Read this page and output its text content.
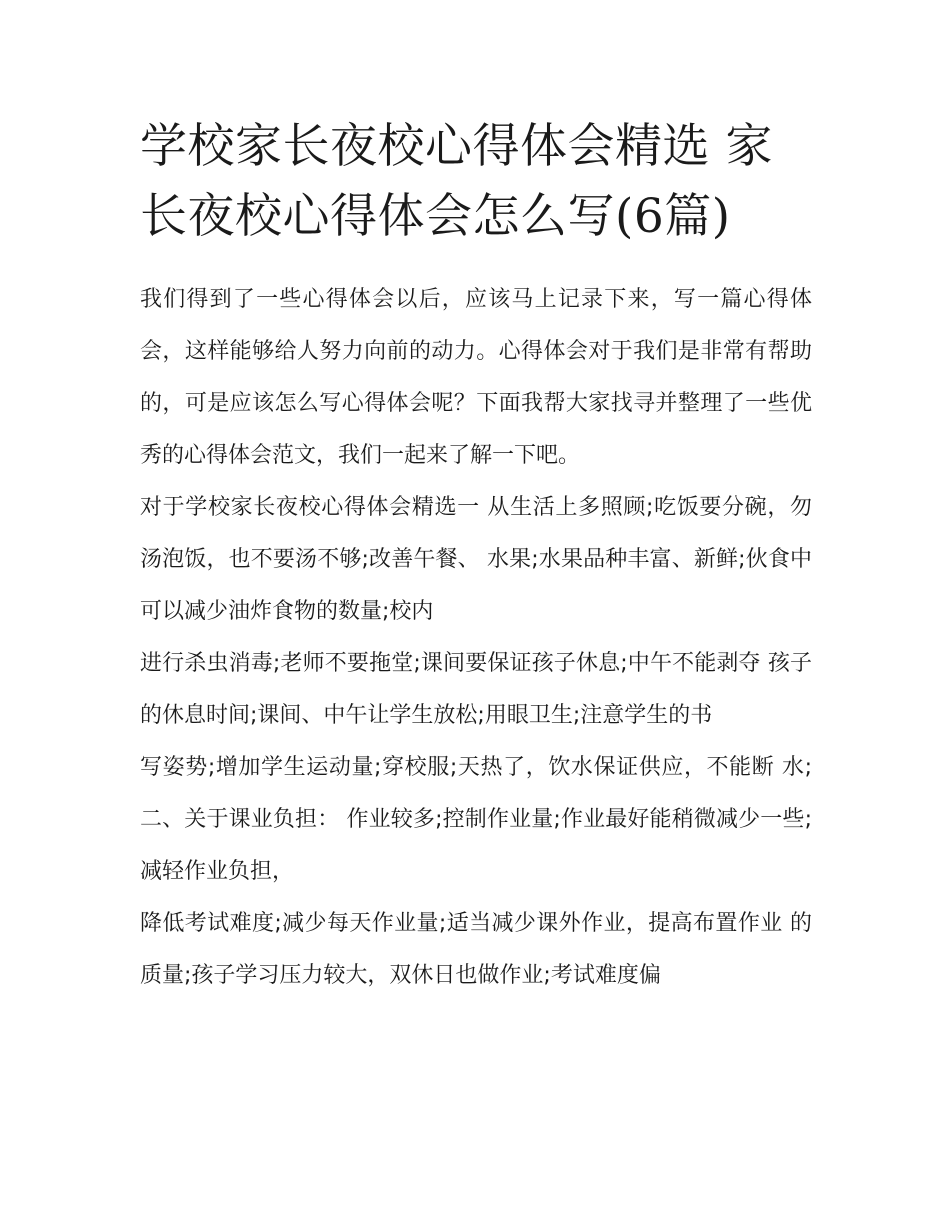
学校家长夜校心得体会精选 家长夜校心得体会怎么写(6篇)

我们得到了一些心得体会以后，应该马上记录下来，写一篇心得体会，这样能够给人努力向前的动力。心得体会对于我们是非常有帮助的，可是应该怎么写心得体会呢？下面我帮大家找寻并整理了一些优秀的心得体会范文，我们一起来了解一下吧。

对于学校家长夜校心得体会精选一 从生活上多照顾;吃饭要分碗，勿汤泡饭，也不要汤不够;改善午餐、 水果;水果品种丰富、新鲜;伙食中可以减少油炸食物的数量;校内

进行杀虫消毒;老师不要拖堂;课间要保证孩子休息;中午不能剥夺 孩子的休息时间;课间、中午让学生放松;用眼卫生;注意学生的书

写姿势;增加学生运动量;穿校服;天热了，饮水保证供应，不能断 水; 二、关于课业负担： 作业较多;控制作业量;作业最好能稍微减少一些;减轻作业负担，

降低考试难度;减少每天作业量;适当减少课外作业，提高布置作业 的质量;孩子学习压力较大，双休日也做作业;考试难度偏
